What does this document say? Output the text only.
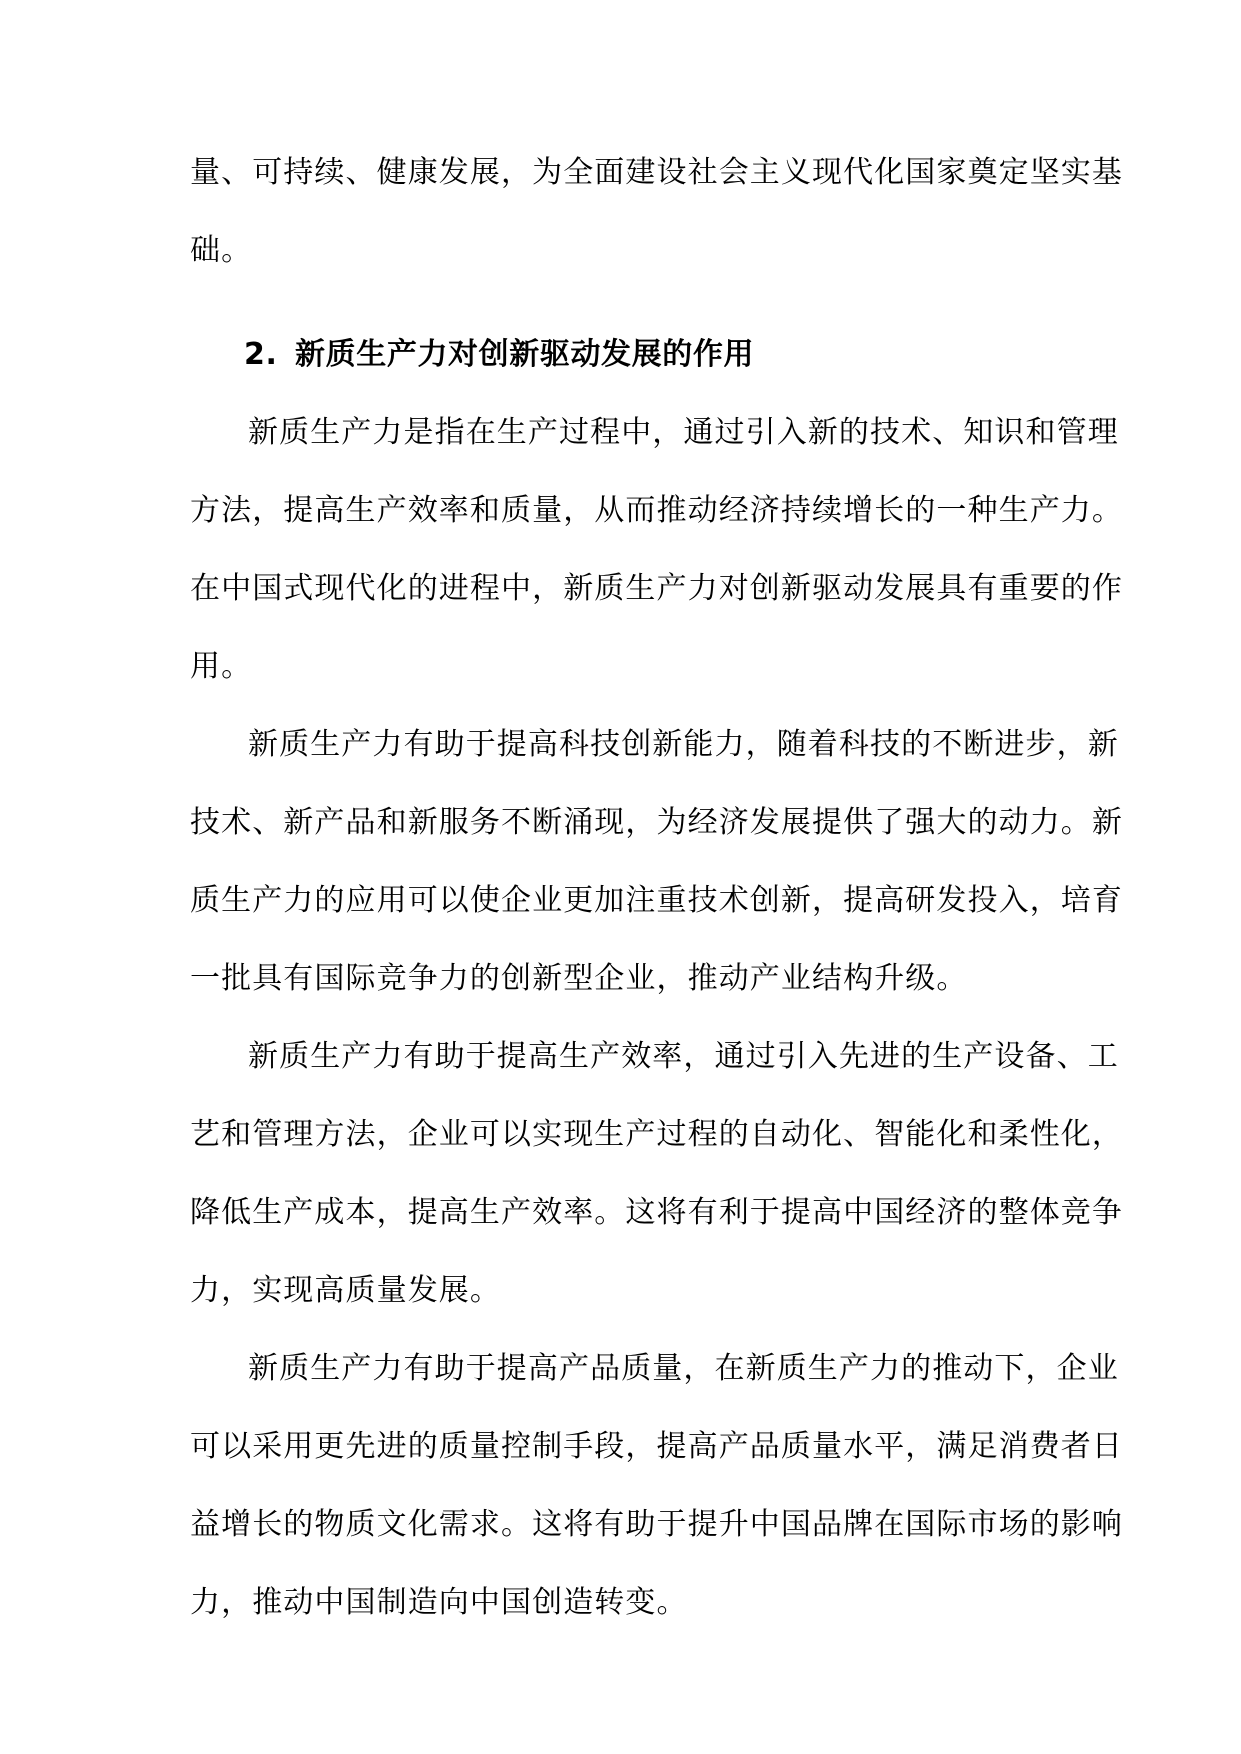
量、可持续、健康发展，为全面建设社会主义现代化国家奠定坚实基
础。
2. 新质生产力对创新驱动发展的作用
新质生产力是指在生产过程中，通过引入新的技术、知识和管理
方法，提高生产效率和质量，从而推动经济持续增长的一种生产力。
在中国式现代化的进程中，新质生产力对创新驱动发展具有重要的作
用。
新质生产力有助于提高科技创新能力，随着科技的不断进步，新
技术、新产品和新服务不断涌现，为经济发展提供了强大的动力。新
质生产力的应用可以使企业更加注重技术创新，提高研发投入，培育
一批具有国际竞争力的创新型企业，推动产业结构升级。
新质生产力有助于提高生产效率，通过引入先进的生产设备、工
艺和管理方法，企业可以实现生产过程的自动化、智能化和柔性化，
降低生产成本，提高生产效率。这将有利于提高中国经济的整体竞争
力，实现高质量发展。
新质生产力有助于提高产品质量，在新质生产力的推动下，企业
可以采用更先进的质量控制手段，提高产品质量水平，满足消费者日
益增长的物质文化需求。这将有助于提升中国品牌在国际市场的影响
力，推动中国制造向中国创造转变。
